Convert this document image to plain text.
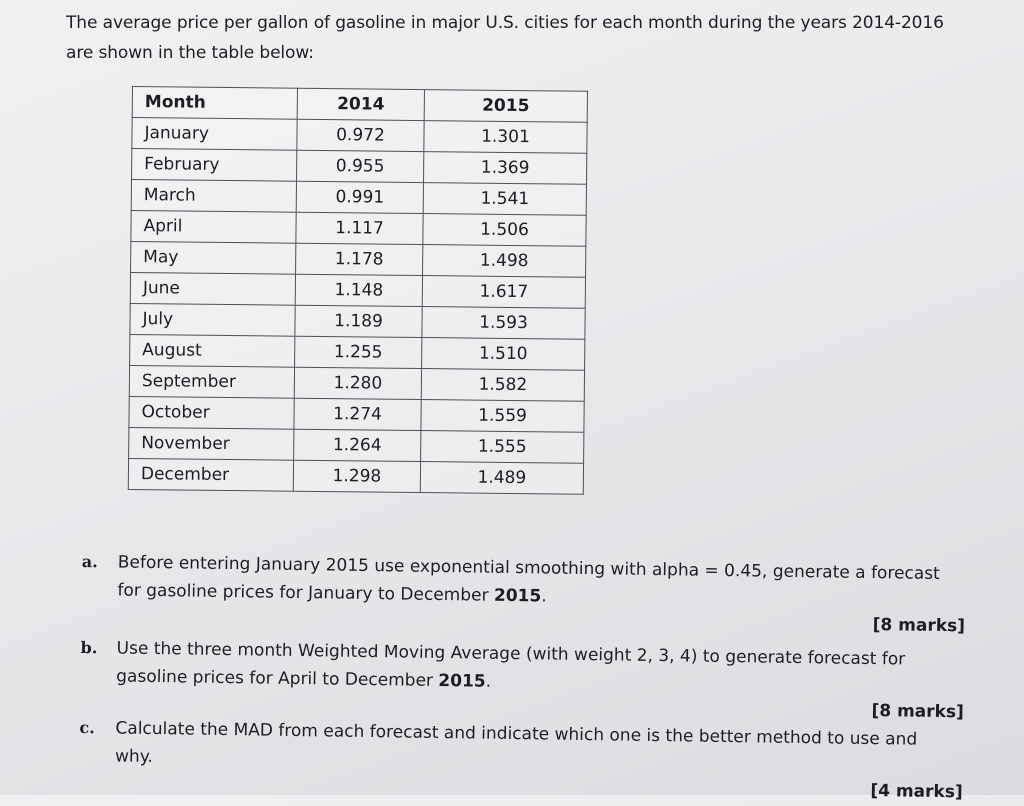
The average price per gallon of gasoline in major U.S. cities for each month during the years 2014-2016 are shown in the table below:
Month	2014	2015
January	0.972	1.301
February	0.955	1.369
March	0.991	1.541
April	1.117	1.506
May	1.178	1.498
June	1.148	1.617
July	1.189	1.593
August	1.255	1.510
September	1.280	1.582
October	1.274	1.559
November	1.264	1.555
December	1.298	1.489
a. Before entering January 2015 use exponential smoothing with alpha = 0.45, generate a forecast for gasoline prices for January to December 2015.
[8 marks]
b. Use the three month Weighted Moving Average (with weight 2, 3, 4) to generate forecast for gasoline prices for April to December 2015.
[8 marks]
c. Calculate the MAD from each forecast and indicate which one is the better method to use and why.
[4 marks]
